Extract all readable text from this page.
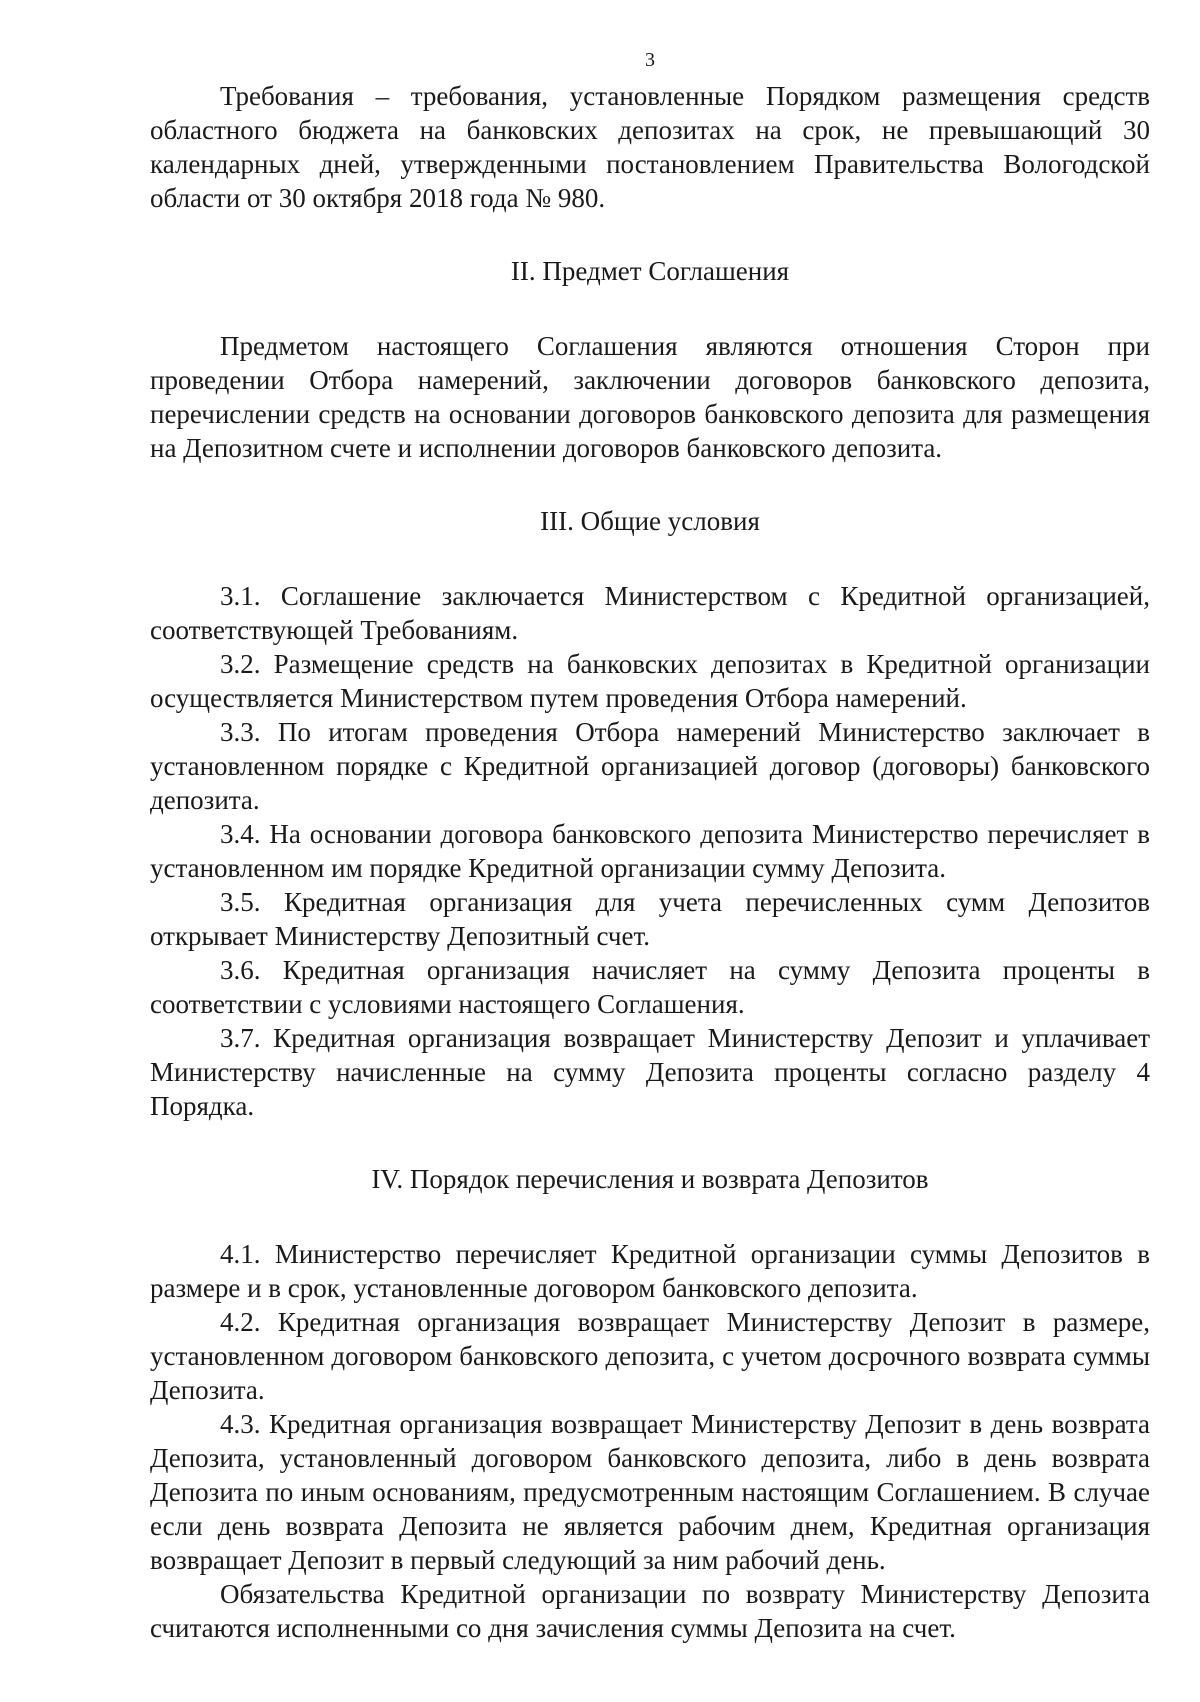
3

Требования – требования, установленные Порядком размещения средств областного бюджета на банковских депозитах на срок, не превышающий 30 календарных дней, утвержденными постановлением Правительства Вологодской области от 30 октября 2018 года № 980.

II. Предмет Соглашения

Предметом настоящего Соглашения являются отношения Сторон при проведении Отбора намерений, заключении договоров банковского депозита, перечислении средств на основании договоров банковского депозита для размещения на Депозитном счете и исполнении договоров банковского депозита.

III. Общие условия

3.1. Соглашение заключается Министерством с Кредитной организацией, соответствующей Требованиям.

3.2. Размещение средств на банковских депозитах в Кредитной организации осуществляется Министерством путем проведения Отбора намерений.

3.3. По итогам проведения Отбора намерений Министерство заключает в установленном порядке с Кредитной организацией договор (договоры) банковского депозита.

3.4. На основании договора банковского депозита Министерство перечисляет в установленном им порядке Кредитной организации сумму Депозита.

3.5. Кредитная организация для учета перечисленных сумм Депозитов открывает Министерству Депозитный счет.

3.6. Кредитная организация начисляет на сумму Депозита проценты в соответствии с условиями настоящего Соглашения.

3.7. Кредитная организация возвращает Министерству Депозит и уплачивает Министерству начисленные на сумму Депозита проценты согласно разделу 4 Порядка.

IV. Порядок перечисления и возврата Депозитов

4.1. Министерство перечисляет Кредитной организации суммы Депозитов в размере и в срок, установленные договором банковского депозита.

4.2. Кредитная организация возвращает Министерству Депозит в размере, установленном договором банковского депозита, с учетом досрочного возврата суммы Депозита.

4.3. Кредитная организация возвращает Министерству Депозит в день возврата Депозита, установленный договором банковского депозита, либо в день возврата Депозита по иным основаниям, предусмотренным настоящим Соглашением. В случае если день возврата Депозита не является рабочим днем, Кредитная организация возвращает Депозит в первый следующий за ним рабочий день.

Обязательства Кредитной организации по возврату Министерству Депозита считаются исполненными со дня зачисления суммы Депозита на счет.
